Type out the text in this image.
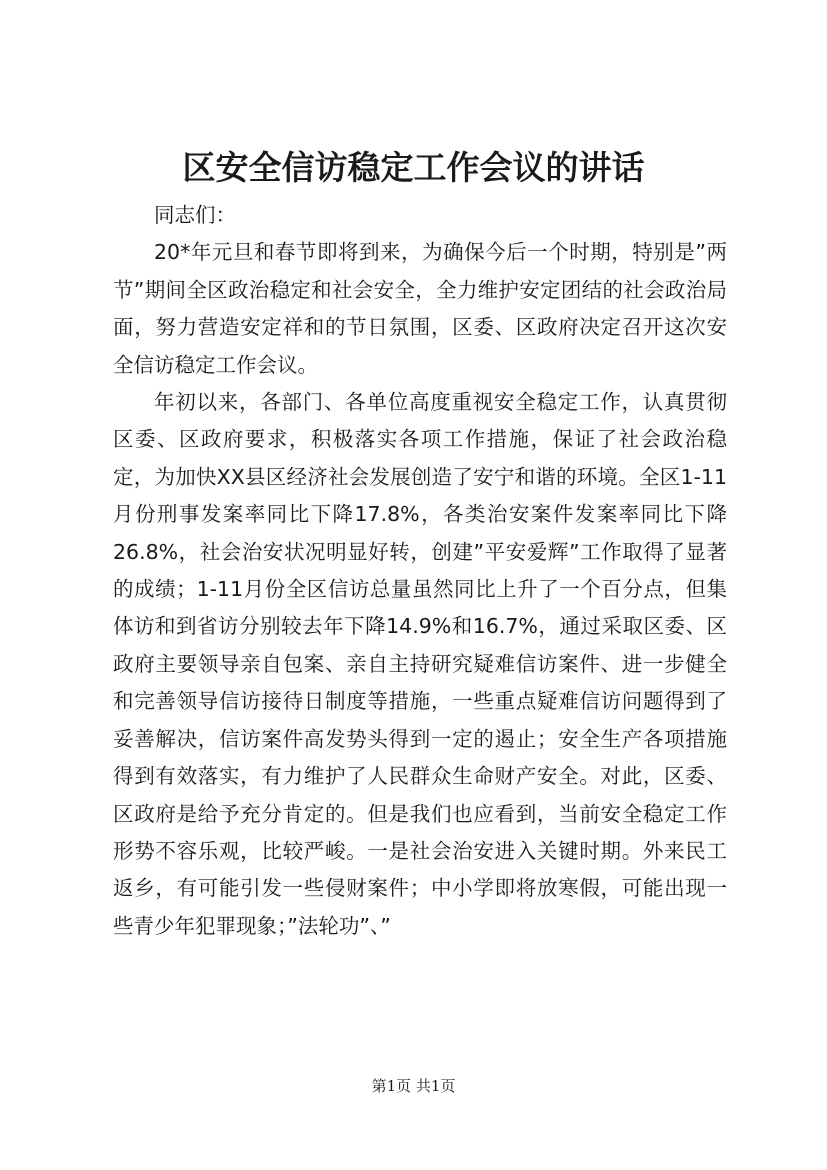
区安全信访稳定工作会议的讲话

同志们：

20*年元旦和春节即将到来，为确保今后一个时期，特别是”两节”期间全区政治稳定和社会安全，全力维护安定团结的社会政治局面，努力营造安定祥和的节日氛围，区委、区政府决定召开这次安全信访稳定工作会议。

年初以来，各部门、各单位高度重视安全稳定工作，认真贯彻区委、区政府要求，积极落实各项工作措施，保证了社会政治稳定，为加快XX县区经济社会发展创造了安宁和谐的环境。全区1-11月份刑事发案率同比下降17.8%，各类治安案件发案率同比下降26.8%，社会治安状况明显好转，创建”平安爱辉”工作取得了显著的成绩；1-11月份全区信访总量虽然同比上升了一个百分点，但集体访和到省访分别较去年下降14.9%和16.7%，通过采取区委、区政府主要领导亲自包案、亲自主持研究疑难信访案件、进一步健全和完善领导信访接待日制度等措施，一些重点疑难信访问题得到了妥善解决，信访案件高发势头得到一定的遏止；安全生产各项措施得到有效落实，有力维护了人民群众生命财产安全。对此，区委、区政府是给予充分肯定的。但是我们也应看到，当前安全稳定工作形势不容乐观，比较严峻。一是社会治安进入关键时期。外来民工返乡，有可能引发一些侵财案件；中小学即将放寒假，可能出现一些青少年犯罪现象；”法轮功”、”

第1页 共1页
